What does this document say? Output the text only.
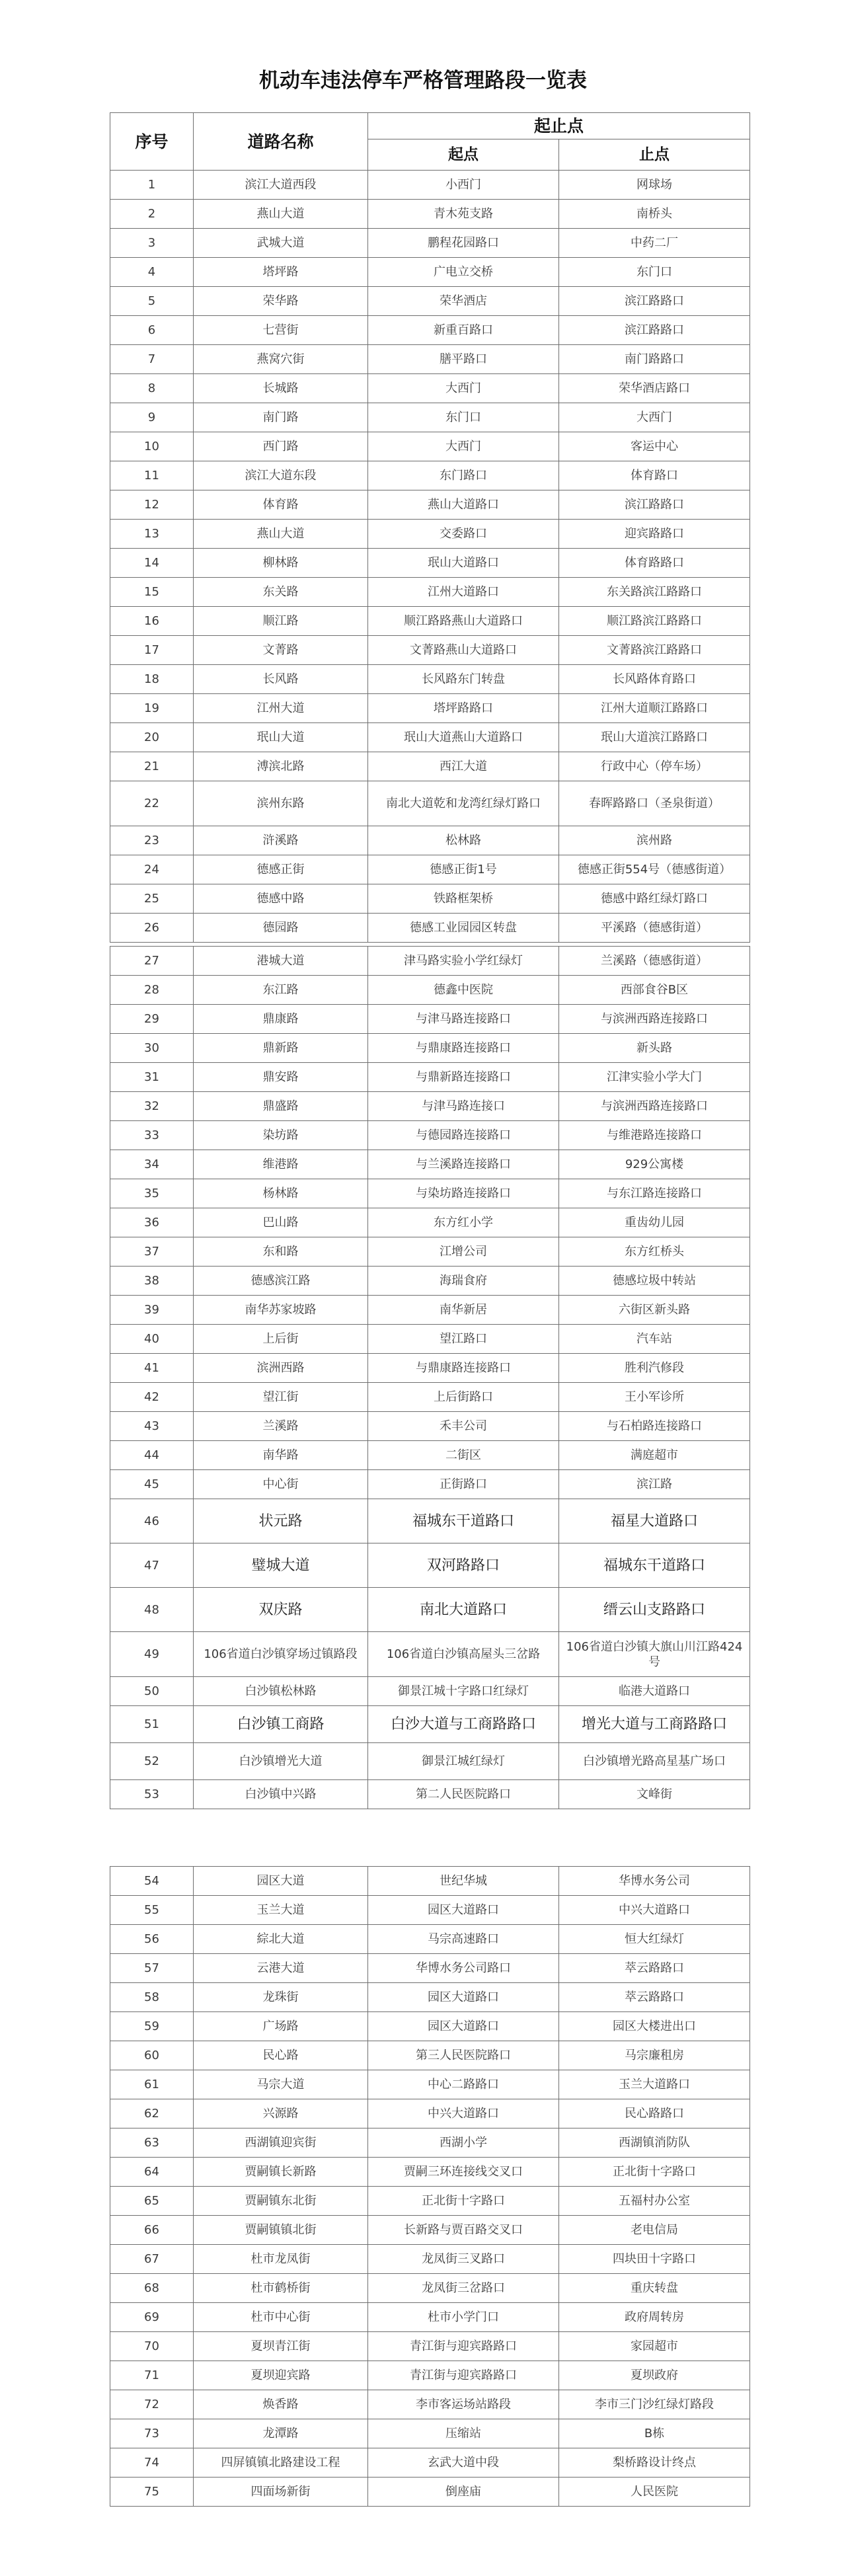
机动车违法停车严格管理路段一览表
序号	道路名称	起止点	
		起点	止点
1	滨江大道西段	小西门	网球场
2	燕山大道	青木苑支路	南桥头
3	武城大道	鹏程花园路口	中药二厂
4	塔坪路	广电立交桥	东门口
5	荣华路	荣华酒店	滨江路路口
6	七营街	新重百路口	滨江路路口
7	燕窝穴街	膳平路口	南门路路口
8	长城路	大西门	荣华酒店路口
9	南门路	东门口	大西门
10	西门路	大西门	客运中心
11	滨江大道东段	东门路口	体育路口
12	体育路	燕山大道路口	滨江路路口
13	燕山大道	交委路口	迎宾路路口
14	柳林路	珉山大道路口	体育路路口
15	东关路	江州大道路口	东关路滨江路路口
16	顺江路	顺江路路燕山大道路口	顺江路滨江路路口
17	文菁路	文菁路燕山大道路口	文菁路滨江路路口
18	长风路	长风路东门转盘	长风路体育路口
19	江州大道	塔坪路路口	江州大道顺江路路口
20	珉山大道	珉山大道燕山大道路口	珉山大道滨江路路口
21	溥滨北路	西江大道	行政中心（停车场）
22	滨州东路	南北大道乾和龙湾红绿灯路口	春晖路路口（圣泉街道）
23	浒溪路	松林路	滨州路
24	德感正街	德感正街1号	德感正街554号（德感街道）
25	德感中路	铁路框架桥	德感中路红绿灯路口
26	德园路	德感工业园园区转盘	平溪路（德感街道）
27	港城大道	津马路实验小学红绿灯	兰溪路（德感街道）
28	东江路	德鑫中医院	西部食谷B区
29	鼎康路	与津马路连接路口	与滨洲西路连接路口
30	鼎新路	与鼎康路连接路口	新头路
31	鼎安路	与鼎新路连接路口	江津实验小学大门
32	鼎盛路	与津马路连接口	与滨洲西路连接路口
33	染坊路	与德园路连接路口	与维港路连接路口
34	维港路	与兰溪路连接路口	929公寓楼
35	杨林路	与染坊路连接路口	与东江路连接路口
36	巴山路	东方红小学	重齿幼儿园
37	东和路	江增公司	东方红桥头
38	德感滨江路	海瑞食府	德感垃圾中转站
39	南华苏家坡路	南华新居	六街区新头路
40	上后街	望江路口	汽车站
41	滨洲西路	与鼎康路连接路口	胜利汽修段
42	望江街	上后街路口	王小军诊所
43	兰溪路	禾丰公司	与石柏路连接路口
44	南华路	二街区	满庭超市
45	中心街	正街路口	滨江路
46	状元路	福城东干道路口	福星大道路口
47	璧城大道	双河路路口	福城东干道路口
48	双庆路	南北大道路口	缙云山支路路口
49	106省道白沙镇穿场过镇路段	106省道白沙镇高屋头三岔路	106省道白沙镇大旗山川江路424号
50	白沙镇松林路	御景江城十字路口红绿灯	临港大道路口
51	白沙镇工商路	白沙大道与工商路路口	增光大道与工商路路口
52	白沙镇增光大道	御景江城红绿灯	白沙镇增光路高星基广场口
53	白沙镇中兴路	第二人民医院路口	文峰街
54	园区大道	世纪华城	华博水务公司
55	玉兰大道	园区大道路口	中兴大道路口
56	綜北大道	马宗高速路口	恒大红绿灯
57	云港大道	华博水务公司路口	萃云路路口
58	龙珠街	园区大道路口	萃云路路口
59	广场路	园区大道路口	园区大楼进出口
60	民心路	第三人民医院路口	马宗廉租房
61	马宗大道	中心二路路口	玉兰大道路口
62	兴源路	中兴大道路口	民心路路口
63	西湖镇迎宾街	西湖小学	西湖镇消防队
64	贾嗣镇长新路	贾嗣三环连接线交叉口	正北街十字路口
65	贾嗣镇东北街	正北街十字路口	五福村办公室
66	贾嗣镇镇北街	长新路与贾百路交叉口	老电信局
67	杜市龙凤街	龙凤街三叉路口	四块田十字路口
68	杜市鹤桥街	龙凤街三岔路口	重庆转盘
69	杜市中心街	杜市小学门口	政府周转房
70	夏坝青江街	青江街与迎宾路路口	家园超市
71	夏坝迎宾路	青江街与迎宾路路口	夏坝政府
72	焕香路	李市客运场站路段	李市三门沙红绿灯路段
73	龙潭路	压缩站	B栋
74	四屏镇镇北路建设工程	玄武大道中段	梨桥路设计终点
75	四面场新街	倒座庙	人民医院
